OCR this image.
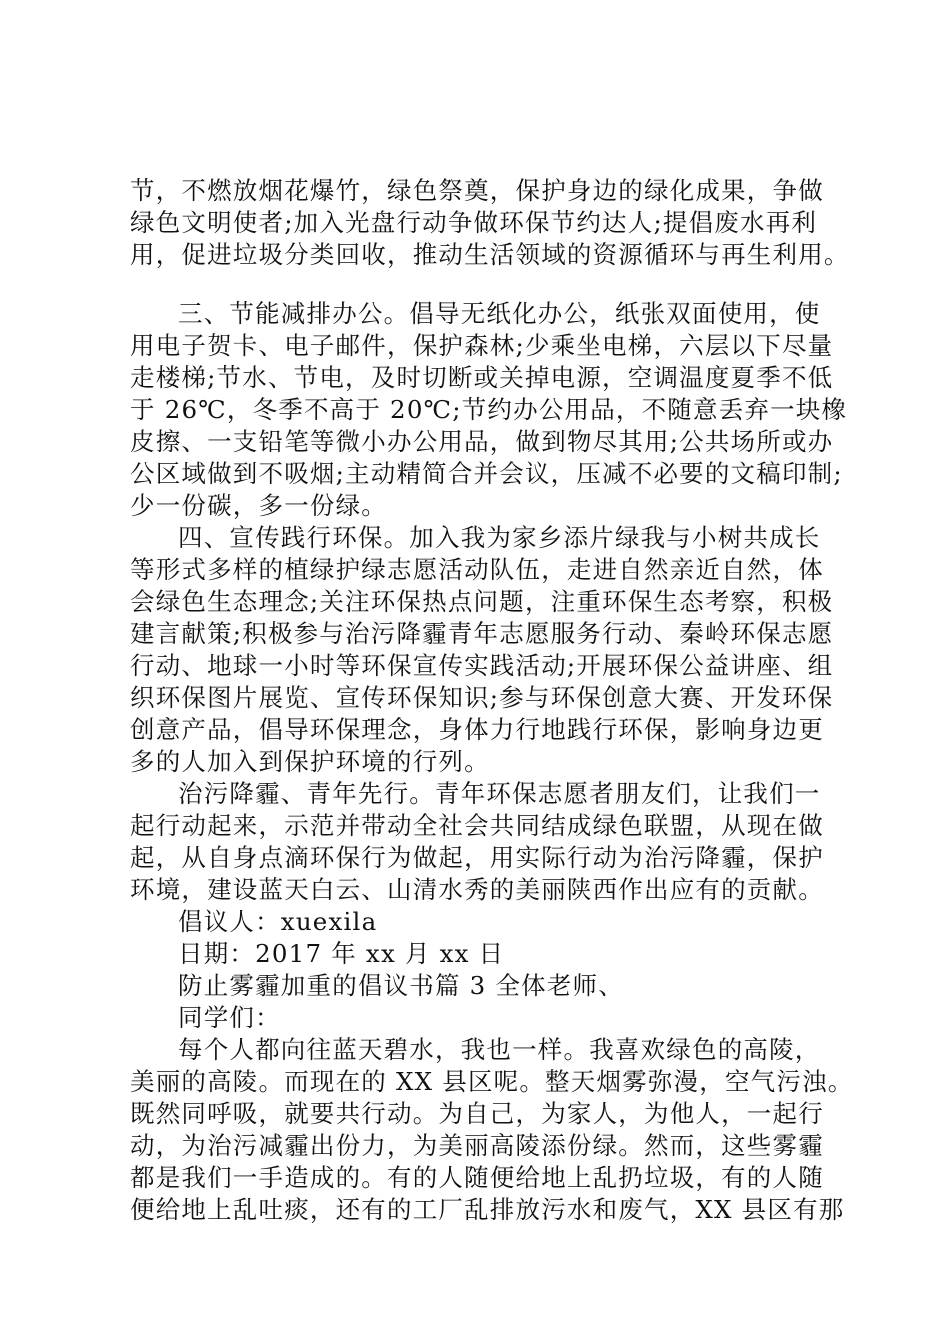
节，不燃放烟花爆竹，绿色祭奠，保护身边的绿化成果，争做
绿色文明使者;加入光盘行动争做环保节约达人;提倡废水再利
用，促进垃圾分类回收，推动生活领域的资源循环与再生利用。
三、节能减排办公。倡导无纸化办公，纸张双面使用，使
用电子贺卡、电子邮件，保护森林;少乘坐电梯，六层以下尽量
走楼梯;节水、节电，及时切断或关掉电源，空调温度夏季不低
于 26℃，冬季不高于 20℃;节约办公用品，不随意丢弃一块橡
皮擦、一支铅笔等微小办公用品，做到物尽其用;公共场所或办
公区域做到不吸烟;主动精简合并会议，压减不必要的文稿印制;
少一份碳，多一份绿。
四、宣传践行环保。加入我为家乡添片绿我与小树共成长
等形式多样的植绿护绿志愿活动队伍，走进自然亲近自然，体
会绿色生态理念;关注环保热点问题，注重环保生态考察，积极
建言献策;积极参与治污降霾青年志愿服务行动、秦岭环保志愿
行动、地球一小时等环保宣传实践活动;开展环保公益讲座、组
织环保图片展览、宣传环保知识;参与环保创意大赛、开发环保
创意产品，倡导环保理念，身体力行地践行环保，影响身边更
多的人加入到保护环境的行列。
治污降霾、青年先行。青年环保志愿者朋友们，让我们一
起行动起来，示范并带动全社会共同结成绿色联盟，从现在做
起，从自身点滴环保行为做起，用实际行动为治污降霾，保护
环境，建设蓝天白云、山清水秀的美丽陕西作出应有的贡献。
倡议人：xuexila
日期：2017 年 xx 月 xx 日
防止雾霾加重的倡议书篇 3 全体老师、
同学们：
每个人都向往蓝天碧水，我也一样。我喜欢绿色的高陵，
美丽的高陵。而现在的 XX 县区呢。整天烟雾弥漫，空气污浊。
既然同呼吸，就要共行动。为自己，为家人，为他人，一起行
动，为治污减霾出份力，为美丽高陵添份绿。然而，这些雾霾
都是我们一手造成的。有的人随便给地上乱扔垃圾，有的人随
便给地上乱吐痰，还有的工厂乱排放污水和废气，XX 县区有那
